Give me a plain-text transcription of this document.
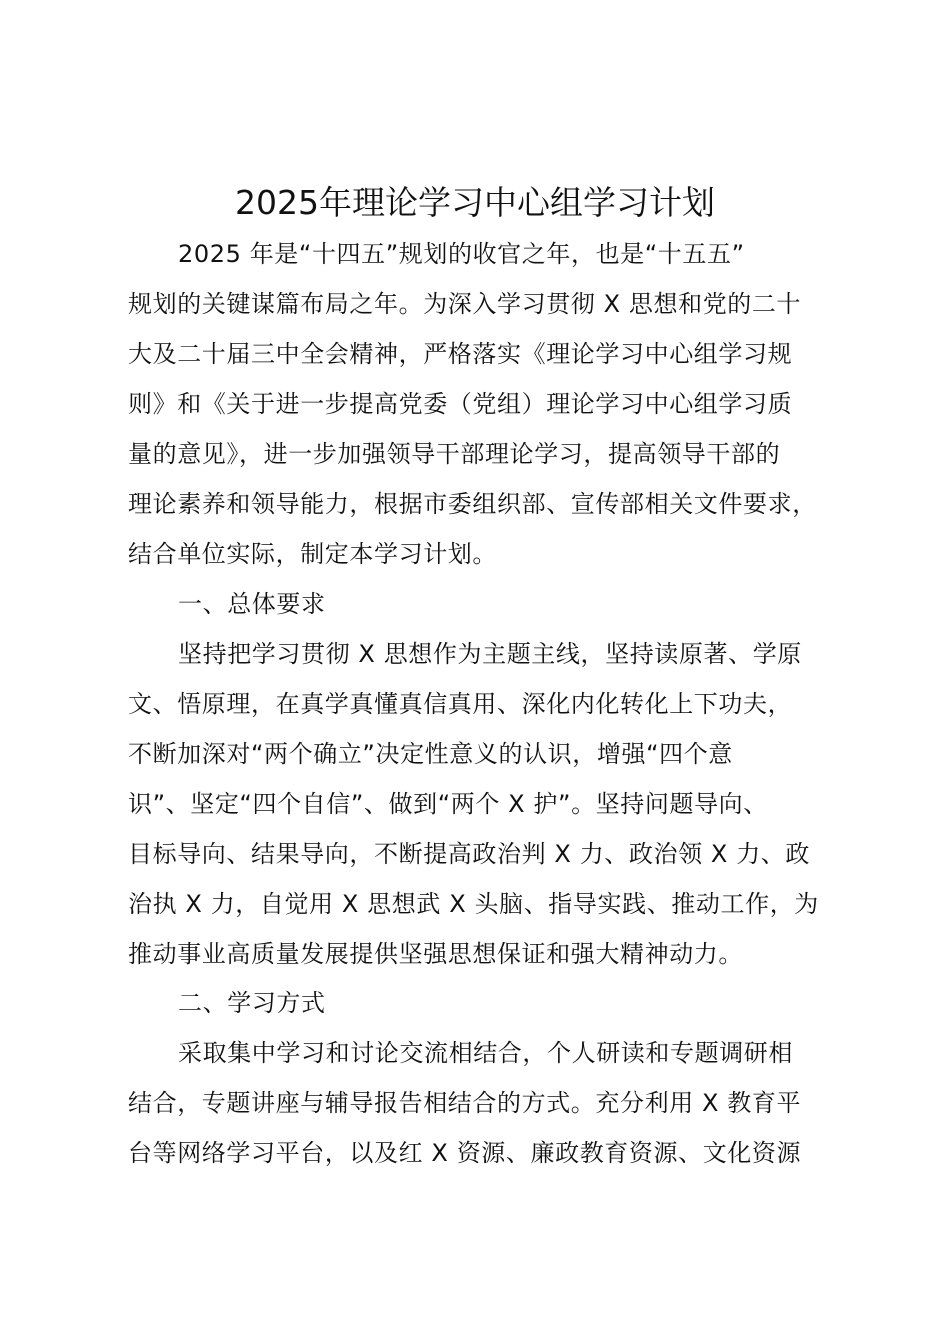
2025年理论学习中心组学习计划
2025 年是“十四五”规划的收官之年，也是“十五五”
规划的关键谋篇布局之年。为深入学习贯彻 X 思想和党的二十
大及二十届三中全会精神，严格落实《理论学习中心组学习规
则》和《关于进一步提高党委（党组）理论学习中心组学习质
量的意见》，进一步加强领导干部理论学习，提高领导干部的
理论素养和领导能力，根据市委组织部、宣传部相关文件要求，
结合单位实际，制定本学习计划。
一、总体要求
坚持把学习贯彻 X 思想作为主题主线，坚持读原著、学原
文、悟原理，在真学真懂真信真用、深化内化转化上下功夫，
不断加深对“两个确立”决定性意义的认识，增强“四个意
识”、坚定“四个自信”、做到“两个 X 护”。坚持问题导向、
目标导向、结果导向，不断提高政治判 X 力、政治领 X 力、政
治执 X 力，自觉用 X 思想武 X 头脑、指导实践、推动工作，为
推动事业高质量发展提供坚强思想保证和强大精神动力。
二、学习方式
采取集中学习和讨论交流相结合，个人研读和专题调研相
结合，专题讲座与辅导报告相结合的方式。充分利用 X 教育平
台等网络学习平台，以及红 X 资源、廉政教育资源、文化资源
